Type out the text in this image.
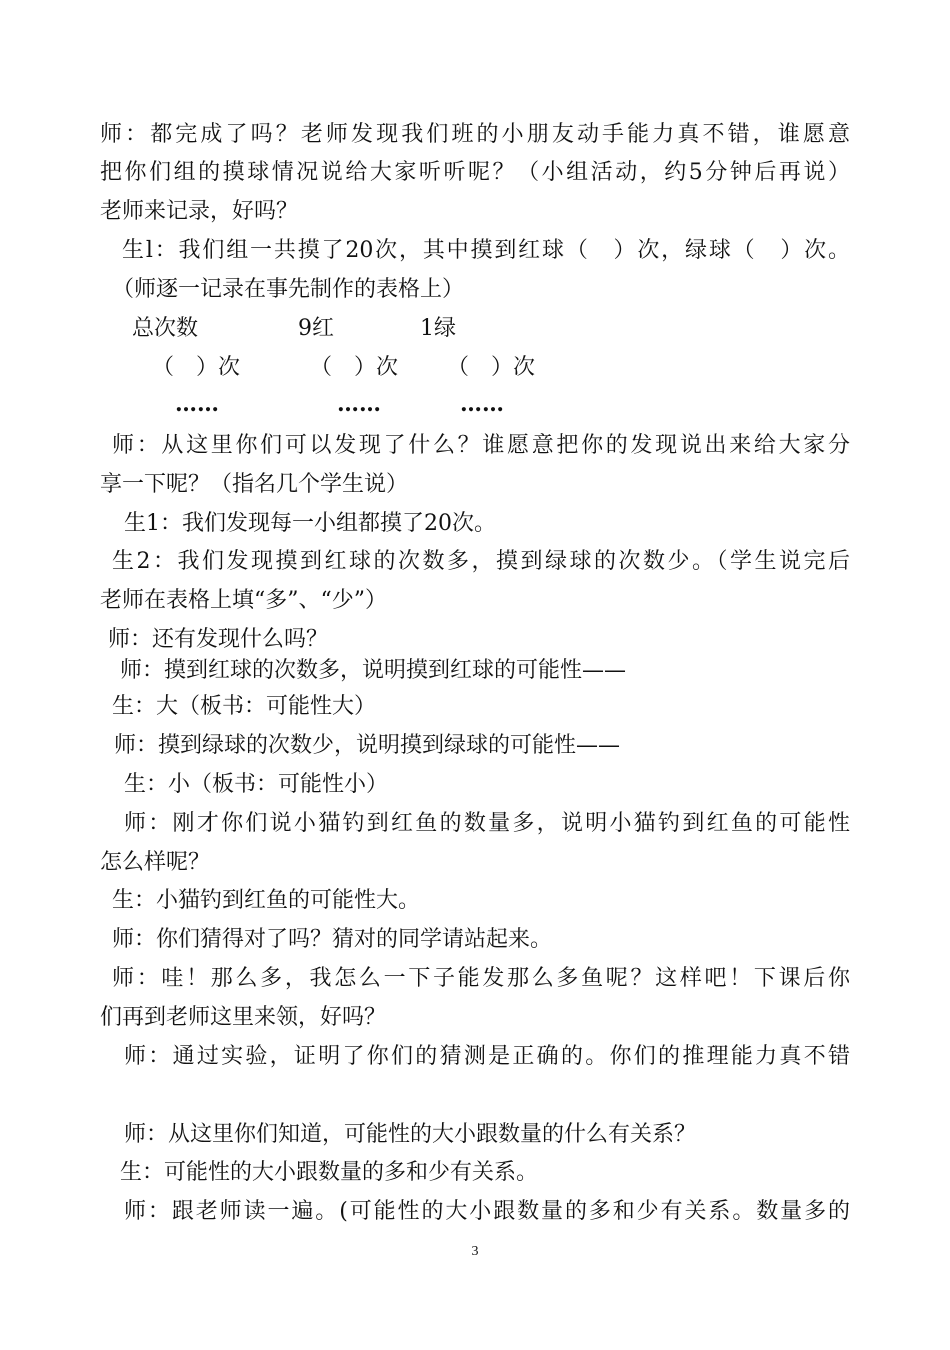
师：都完成了吗？老师发现我们班的小朋友动手能力真不错，谁愿意
把你们组的摸球情况说给大家听听呢？（小组活动，约5分钟后再说）
老师来记录，好吗？
生l：我们组一共摸了20次，其中摸到红球（　）次，绿球（　）次。
（师逐一记录在事先制作的表格上）
总次数	9红	1绿
（　）次	（　）次 （　）次
……	……	……
师：从这里你们可以发现了什么？谁愿意把你的发现说出来给大家分
享一下呢？（指名几个学生说）
生1：我们发现每一小组都摸了20次。
生2：我们发现摸到红球的次数多，摸到绿球的次数少。（学生说完后
老师在表格上填“多”、“少”）
师：还有发现什么吗？
师：摸到红球的次数多，说明摸到红球的可能性——
生：大（板书：可能性大）
师：摸到绿球的次数少，说明摸到绿球的可能性——
生：小（板书：可能性小）
师：刚才你们说小猫钓到红鱼的数量多，说明小猫钓到红鱼的可能性
怎么样呢？
生：小猫钓到红鱼的可能性大。
师：你们猜得对了吗？猜对的同学请站起来。
师：哇！那么多，我怎么一下子能发那么多鱼呢？这样吧！下课后你
们再到老师这里来领，好吗？
师：通过实验，证明了你们的猜测是正确的。你们的推理能力真不错
师：从这里你们知道，可能性的大小跟数量的什么有关系？
生：可能性的大小跟数量的多和少有关系。
师：跟老师读一遍。(可能性的大小跟数量的多和少有关系。数量多的
3
